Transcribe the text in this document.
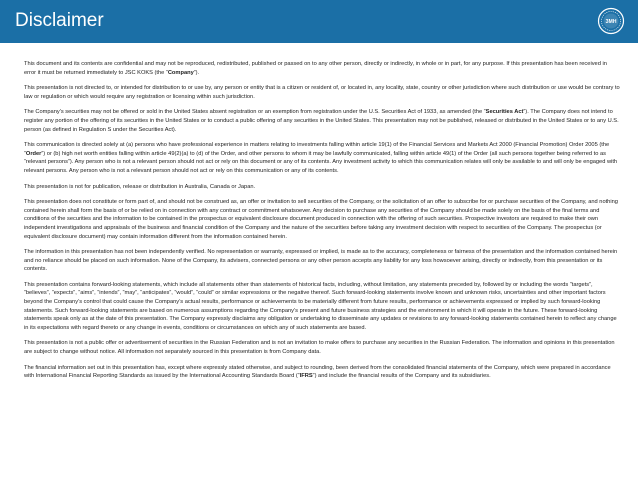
Disclaimer	ЗМН

This document and its contents are confidential and may not be reproduced, redistributed, published or passed on to any other person, directly or indirectly, in whole or in part, for any purpose. If this presentation has been received in error it must be returned immediately to JSC KOKS (the “Company”).

This presentation is not directed to, or intended for distribution to or use by, any person or entity that is a citizen or resident of, or located in, any locality, state, country or other jurisdiction where such distribution or use would be contrary to law or regulation or which would require any registration or licensing within such jurisdiction.

The Company’s securities may not be offered or sold in the United States absent registration or an exemption from registration under the U.S. Securities Act of 1933, as amended (the “Securities Act”). The Company does not intend to register any portion of the offering of its securities in the United States or to conduct a public offering of any securities in the United States. This presentation may not be published, released or distributed in the United States or to any U.S. person (as defined in Regulation S under the Securities Act).

This communication is directed solely at (a) persons who have professional experience in matters relating to investments falling within article 19(1) of the Financial Services and Markets Act 2000 (Financial Promotion) Order 2005 (the “Order”) or (b) high net worth entities falling within article 49(2)(a) to (d) of the Order, and other persons to whom it may be lawfully communicated, falling within article 49(1) of the Order (all such persons together being referred to as “relevant persons”). Any person who is not a relevant person should not act or rely on this document or any of its contents. Any investment activity to which this communication relates will only be available to and will only be engaged with relevant persons. Any person who is not a relevant person should not act or rely on this communication or any of its contents.

This presentation is not for publication, release or distribution in Australia, Canada or Japan.

This presentation does not constitute or form part of, and should not be construed as, an offer or invitation to sell securities of the Company, or the solicitation of an offer to subscribe for or purchase securities of the Company, and nothing contained herein shall form the basis of or be relied on in connection with any contract or commitment whatsoever. Any decision to purchase any securities of the Company should be made solely on the basis of the final terms and conditions of the securities and the information to be contained in the prospectus or equivalent disclosure document produced in connection with the offering of such securities. Prospective investors are required to make their own independent investigations and appraisals of the business and financial condition of the Company and the nature of the securities before taking any investment decision with respect to securities of the Company. The prospectus (or equivalent disclosure document) may contain information different from the information contained herein.

The information in this presentation has not been independently verified. No representation or warranty, expressed or implied, is made as to the accuracy, completeness or fairness of the presentation and the information contained herein and no reliance should be placed on such information. None of the Company, its advisers, connected persons or any other person accepts any liability for any loss howsoever arising, directly or indirectly, from this presentation or its contents.

This presentation contains forward-looking statements, which include all statements other than statements of historical facts, including, without limitation, any statements preceded by, followed by or including the words “targets”, “believes”, “expects”, “aims”, “intends”, “may”, “anticipates”, “would”, “could” or similar expressions or the negative thereof. Such forward-looking statements involve known and unknown risks, uncertainties and other important factors beyond the Company’s control that could cause the Company’s actual results, performance or achievements to be materially different from future results, performance or achievements expressed or implied by such forward-looking statements. Such forward-looking statements are based on numerous assumptions regarding the Company’s present and future business strategies and the environment in which it will operate in the future. These forward-looking statements speak only as at the date of this presentation. The Company expressly disclaims any obligation or undertaking to disseminate any updates or revisions to any forward-looking statements contained herein to reflect any change in its expectations with regard thereto or any change in events, conditions or circumstances on which any of such statements are based.

This presentation is not a public offer or advertisement of securities in the Russian Federation and is not an invitation to make offers to purchase any securities in the Russian Federation. The information and opinions in this presentation are subject to change without notice. All information not separately sourced in this presentation is from Company data.

The financial information set out in this presentation has, except where expressly stated otherwise, and subject to rounding, been derived from the consolidated financial statements of the Company, which were prepared in accordance with International Financial Reporting Standards as issued by the International Accounting Standards Board (“IFRS”) and include the financial results of the Company and its subsidiaries.
